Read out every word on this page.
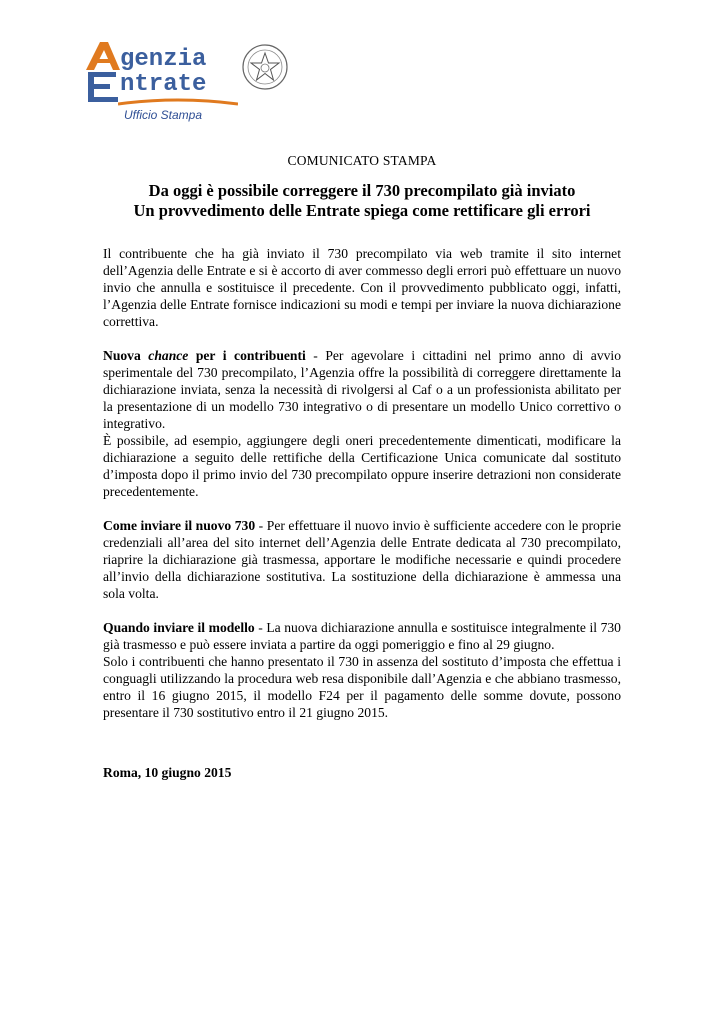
genzia
ntrate
Ufficio Stampa
COMUNICATO STAMPA
Da oggi è possibile correggere il 730 precompilato già inviato
Un provvedimento delle Entrate spiega come rettificare gli errori

Il contribuente che ha già inviato il 730 precompilato via web tramite il sito internet dell’Agenzia delle Entrate e si è accorto di aver commesso degli errori può effettuare un nuovo invio che annulla e sostituisce il precedente. Con il provvedimento pubblicato oggi, infatti, l’Agenzia delle Entrate fornisce indicazioni su modi e tempi per inviare la nuova dichiarazione correttiva.

Nuova chance per i contribuenti - Per agevolare i cittadini nel primo anno di avvio sperimentale del 730 precompilato, l’Agenzia offre la possibilità di correggere direttamente la dichiarazione inviata, senza la necessità di rivolgersi al Caf o a un professionista abilitato per la presentazione di un modello 730 integrativo o di presentare un modello Unico correttivo o integrativo.

È possibile, ad esempio, aggiungere degli oneri precedentemente dimenticati, modificare la dichiarazione a seguito delle rettifiche della Certificazione Unica comunicate dal sostituto d’imposta dopo il primo invio del 730 precompilato oppure inserire detrazioni non considerate precedentemente.

Come inviare il nuovo 730 - Per effettuare il nuovo invio è sufficiente accedere con le proprie credenziali all’area del sito internet dell’Agenzia delle Entrate dedicata al 730 precompilato, riaprire la dichiarazione già trasmessa, apportare le modifiche necessarie e quindi procedere all’invio della dichiarazione sostitutiva. La sostituzione della dichiarazione è ammessa una sola volta.

Quando inviare il modello - La nuova dichiarazione annulla e sostituisce integralmente il 730 già trasmesso e può essere inviata a partire da oggi pomeriggio e fino al 29 giugno.

Solo i contribuenti che hanno presentato il 730 in assenza del sostituto d’imposta che effettua i conguagli utilizzando la procedura web resa disponibile dall’Agenzia e che abbiano trasmesso, entro il 16 giugno 2015, il modello F24 per il pagamento delle somme dovute, possono presentare il 730 sostitutivo entro il 21 giugno 2015.

Roma, 10 giugno 2015
